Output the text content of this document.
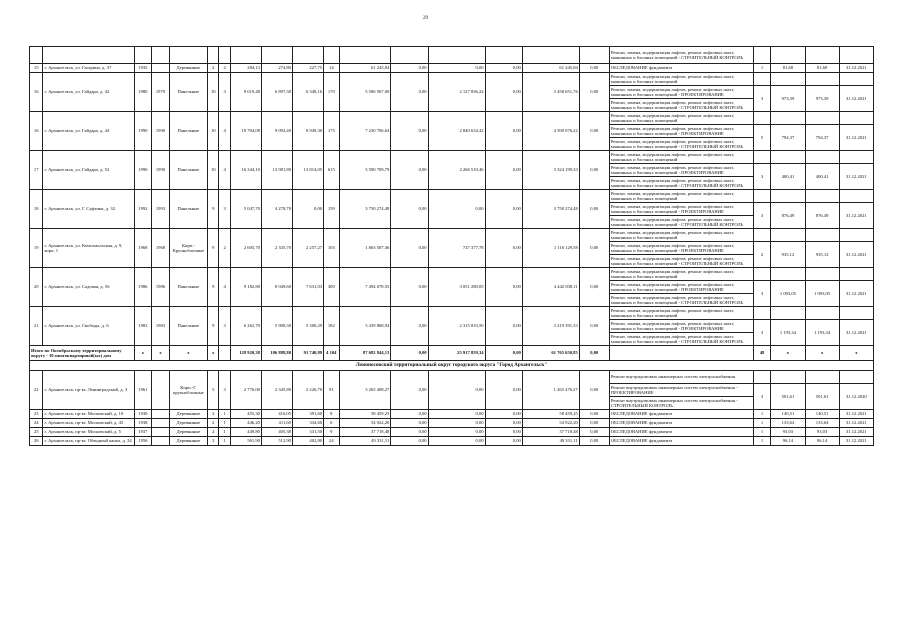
29
																	Ремонт, замена, модернизация лифтов, ремонт лифтовых шахт, машинных и блочных помещений - СТРОИТЕЛЬНЫЙ КОНТРОЛЬ				
15	г. Архангельск, ул. Гагарина, д. 37	1935		Деревянные	2	2	284,13	274,80	227,75	14	61 245,84	0,00	0,00	0,00	61 245,84	0,00	ОБСЛЕДОВАНИЕ фундамента	1	81,68	81,68	31.12.2021
16	г. Архангельск, ул. Гайдара, д. 42	1980	1979	Панельные	10	3	8 019,48	6 897,30	6 348,16	170	5 586 567,00	0,00	2 127 836,24	0,00	3 458 651,76	0,00	Ремонт, замена, модернизация лифтов, ремонт лифтовых шахт, машинных и блочных помещений				
																	Ремонт, замена, модернизация лифтов, ремонт лифтовых шахт, машинных и блочных помещений - ПРОЕКТИРОВАНИЕ	3	973,39	973,39	31.12.2021
																	Ремонт, замена, модернизация лифтов, ремонт лифтовых шахт, машинных и блочных помещений - СТРОИТЕЛЬНЫЙ КОНТРОЛЬ				
16	г. Архангельск, ул. Гайдара, д. 44	1990	1990	Панельные	10	4	10 704,08	9 092,40	8 949,30	175	7 230 706,64	0,00	2 840 634,42	0,00	4 390 076,22	0,00	Ремонт, замена, модернизация лифтов, ремонт лифтовых шахт, машинных и блочных помещений				
																	Ремонт, замена, модернизация лифтов, ремонт лифтовых шахт, машинных и блочных помещений - ПРОЕКТИРОВАНИЕ	5	794,37	794,37	31.12.2021
																	Ремонт, замена, модернизация лифтов, ремонт лифтовых шахт, машинных и блочных помещений - СТРОИТЕЛЬНЫЙ КОНТРОЛЬ				
17	г. Архангельск, ул. Гайдара, д. 52	1990	1990	Панельные	10	4	16 344,10	13 981,80	13 814,05	615	5 590 709,79	0,00	2 266 510,46	0,00	3 324 199,33	0,00	Ремонт, замена, модернизация лифтов, ремонт лифтовых шахт, машинных и блочных помещений				
																	Ремонт, замена, модернизация лифтов, ремонт лифтовых шахт, машинных и блочных помещений - ПРОЕКТИРОВАНИЕ	3	400,41	400,41	31.12.2021
																	Ремонт, замена, модернизация лифтов, ремонт лифтовых шахт, машинных и блочных помещений - СТРОИТЕЛЬНЫЙ КОНТРОЛЬ				
18	г. Архангельск, ул. Г. Суфтина, д. 32	1992	1993	Панельные	9	3	5 047,70	4 278,70	0,00	159	3 750 274,48	0,00	0,00	0,00	3 750 274,48	0,00	Ремонт, замена, модернизация лифтов, ремонт лифтовых шахт, машинных и блочных помещений				
																	Ремонт, замена, модернизация лифтов, ремонт лифтовых шахт, машинных и блочных помещений - ПРОЕКТИРОВАНИЕ	3	876,49	876,49	31.12.2021
																	Ремонт, замена, модернизация лифтов, ремонт лифтовых шахт, машинных и блочных помещений - СТРОИТЕЛЬНЫЙ КОНТРОЛЬ				
19	г. Архангельск, ул. Комсомольская, д. 9, корп. 1	1968	1968	Кирп.-Крупноблочные	9	2	2 605,70	2 335,70	2 257,27	103	1 863 507,36	0,00	747 377,78	0,00	1 116 129,58	0,00	Ремонт, замена, модернизация лифтов, ремонт лифтовых шахт, машинных и блочных помещений				
																	Ремонт, замена, модернизация лифтов, ремонт лифтовых шахт, машинных и блочных помещений - ПРОЕКТИРОВАНИЕ	2	935,12	935,12	31.12.2021
																	Ремонт, замена, модернизация лифтов, ремонт лифтовых шахт, машинных и блочных помещений - СТРОИТЕЛЬНЫЙ КОНТРОЛЬ				
20	г. Архангельск, ул. Садовая, д. 56	1986	1986	Панельные	9	4	9 182,80	8 049,60	7 631,03	300	7 494 678,55	0,00	3 051 280,05	0,00	4 442 838,11	0,00	Ремонт, замена, модернизация лифтов, ремонт лифтовых шахт, машинных и блочных помещений				
																	Ремонт, замена, модернизация лифтов, ремонт лифтовых шахт, машинных и блочных помещений - ПРОЕКТИРОВАНИЕ	3	1 093,05	1 093,05	31.12.2021
																	Ремонт, замена, модернизация лифтов, ремонт лифтовых шахт, машинных и блочных помещений - СТРОИТЕЛЬНЫЙ КОНТРОЛЬ				
21	г. Архангельск, ул. Свободы, д. 6	1983	1983	Панельные	9	3	6 262,70	5 908,30	5 300,29	182	5 439 868,94	0,00	2 315 810,50	0,00	3 219 391,33	0,00	Ремонт, замена, модернизация лифтов, ремонт лифтовых шахт, машинных и блочных помещений				
																	Ремонт, замена, модернизация лифтов, ремонт лифтовых шахт, машинных и блочных помещений - ПРОЕКТИРОВАНИЕ	3	1 193,34	1 193,34	31.12.2021
																	Ремонт, замена, модернизация лифтов, ремонт лифтовых шахт, машинных и блочных помещений - СТРОИТЕЛЬНЫЙ КОНТРОЛЬ				
Итого по Октябрьскому территориальному округу - 10 многоквартирный(ых) дом		x	x	x	x		128 920,38	106 888,80	91 740,89	4 104	87 682 844,13	0,00	25 917 859,34	0,00	61 765 650,85	0,00		48	x	x	x
Ломоносовский территориальный округ городского округа "Город Архангельск"																					
22	г. Архангельск, пр-кт. Ленинградский, д. 3	1961		Кирп.-Г. крупноблочные	5	3	2 776,00	2 345,80	2 226,70	91	3 265 408,27	0,00	0,00	0,00	1 265 476,27	0,00	Ремонт внутридомовых инженерных систем электроснабжения				
																	Ремонт внутридомовых инженерных систем электроснабжения - ПРОЕКТИРОВАНИЕ	3	501,61	501,61	31.12.2020
																	Ремонт внутридомовых инженерных систем электроснабжения - СТРОИТЕЛЬНЫЙ КОНТРОЛЬ				
23	г. Архангельск, пр-кт. Московский, д. 10	1930		Деревянные	2	1	455,30	416,05	391,60	8	58 459,25	0,00	0,00	0,00	58 459,25	0,00	ОБСЛЕДОВАНИЕ фундамента	1	140,51	140,51	31.12.2021
24	г. Архангельск, пр-кт. Московский, д. 45	1938		Деревянные	2	1	446,20	411,60	334,60	6	54 922,20	0,00	0,00	0,00	54 922,20	0,00	ОБСЛЕДОВАНИЕ фундамента	1	133,64	133,64	31.12.2021
25	г. Архангельск, пр-кт. Московский, д. 5	1937		Деревянные	2	1	449,80	405,38	331,50	9	37 718,48	0,00	0,00	0,00	37 718,48	0,00	ОБСЛЕДОВАНИЕ фундамента	1	93,03	93,03	31.12.2021
26	г. Архангельск, пр-кт. Обводный канал, д. 24	1956		Деревянные	2	1	561,90	512,90	402,80	24	49 331,11	0,00	0,00	0,00	49 331,11	0,00	ОБСЛЕДОВАНИЕ фундамента	1	96,14	96,14	31.12.2021
